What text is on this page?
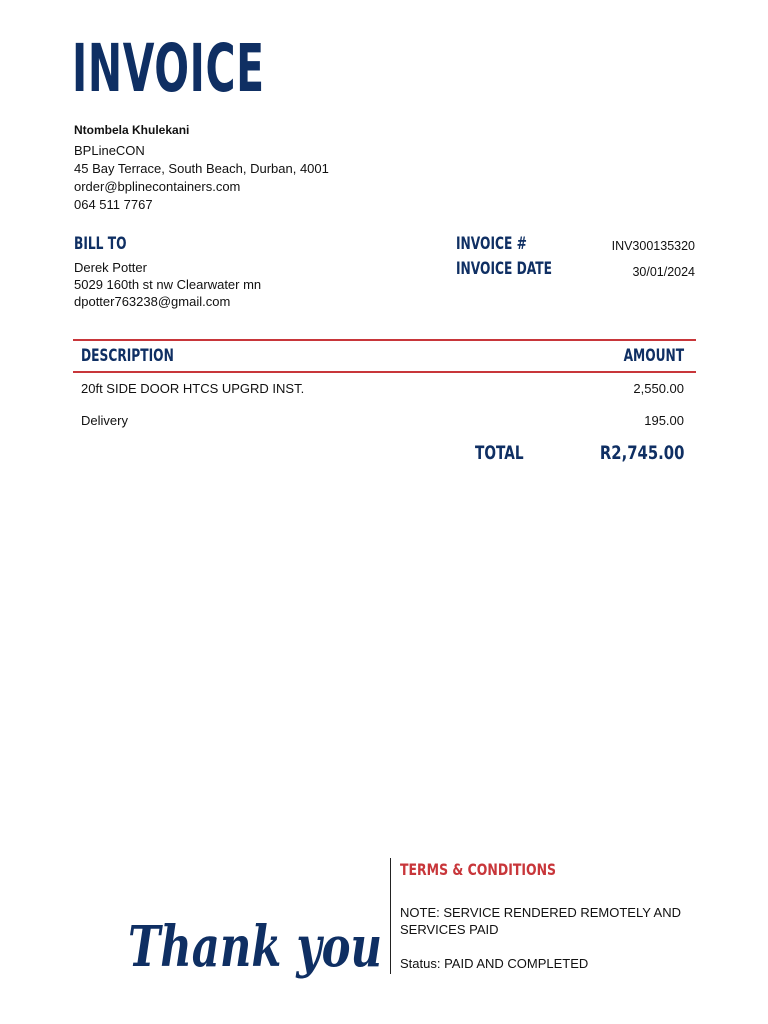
INVOICE
Ntombela Khulekani
BPLineCON
45 Bay Terrace, South Beach, Durban, 4001
order@bplinecontainers.com
064 511 7767
BILL TO
Derek Potter
5029 160th st nw Clearwater mn
dpotter763238@gmail.com
INVOICE #	INV300135320
INVOICE DATE	30/01/2024
DESCRIPTION	AMOUNT
20ft SIDE DOOR HTCS UPGRD INST.	2,550.00
Delivery	195.00
TOTAL	R2,745.00
Thank you
TERMS & CONDITIONS
NOTE: SERVICE RENDERED REMOTELY AND SERVICES PAID
Status: PAID AND COMPLETED
